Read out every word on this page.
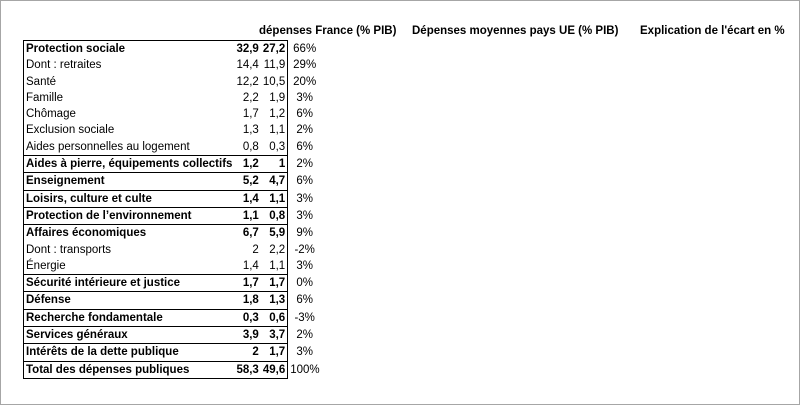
dépenses France (% PIB) Dépenses moyennes pays UE (% PIB) Explication de l'écart en %
Protection sociale	32,9	27,2	66%
Dont : retraites	14,4	11,9	29%
Santé	12,2	10,5	20%
Famille	2,2	1,9	3%
Chômage	1,7	1,2	6%
Exclusion sociale	1,3	1,1	2%
Aides personnelles au logement	0,8	0,3	6%
Aides à pierre, équipements collectifs	1,2	1	2%
Enseignement	5,2	4,7	6%
Loisirs, culture et culte	1,4	1,1	3%
Protection de l’environnement	1,1	0,8	3%
Affaires économiques	6,7	5,9	9%
Dont : transports	2	2,2	-2%
Énergie	1,4	1,1	3%
Sécurité intérieure et justice	1,7	1,7	0%
Défense	1,8	1,3	6%
Recherche fondamentale	0,3	0,6	-3%
Services généraux	3,9	3,7	2%
Intérêts de la dette publique	2	1,7	3%
Total des dépenses publiques	58,3	49,6	100%
